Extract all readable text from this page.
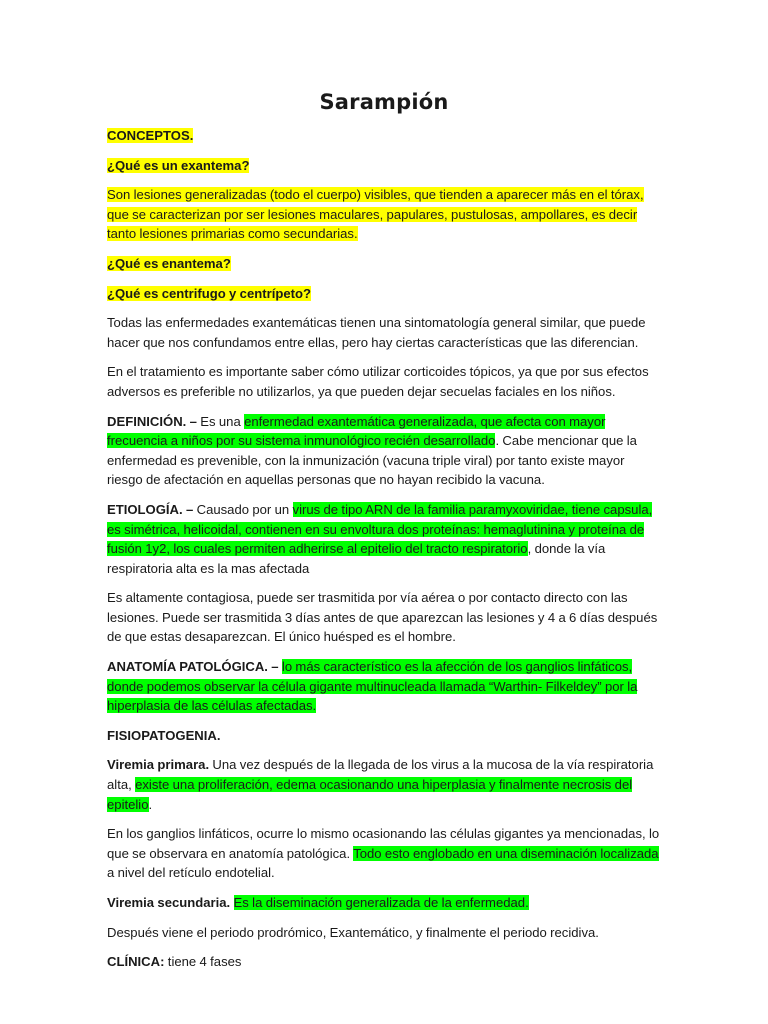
Sarampión

CONCEPTOS.

¿Qué es un exantema?

Son lesiones generalizadas (todo el cuerpo) visibles, que tienden a aparecer más en el tórax, que se caracterizan por ser lesiones maculares, papulares, pustulosas, ampollares, es decir tanto lesiones primarias como secundarias.

¿Qué es enantema?

¿Qué es centrifugo y centrípeto?

Todas las enfermedades exantemáticas tienen una sintomatología general similar, que puede hacer que nos confundamos entre ellas, pero hay ciertas características que las diferencian.

En el tratamiento es importante saber cómo utilizar corticoides tópicos, ya que por sus efectos adversos es preferible no utilizarlos, ya que pueden dejar secuelas faciales en los niños.

DEFINICIÓN. – Es una enfermedad exantemática generalizada, que afecta con mayor frecuencia a niños por su sistema inmunológico recién desarrollado. Cabe mencionar que la enfermedad es prevenible, con la inmunización (vacuna triple viral) por tanto existe mayor riesgo de afectación en aquellas personas que no hayan recibido la vacuna.

ETIOLOGÍA. – Causado por un virus de tipo ARN de la familia paramyxoviridae, tiene capsula, es simétrica, helicoidal, contienen en su envoltura dos proteínas: hemaglutinina y proteína de fusión 1y2, los cuales permiten adherirse al epitelio del tracto respiratorio, donde la vía respiratoria alta es la mas afectada

Es altamente contagiosa, puede ser trasmitida por vía aérea o por contacto directo con las lesiones. Puede ser trasmitida 3 días antes de que aparezcan las lesiones y 4 a 6 días después de que estas desaparezcan. El único huésped es el hombre.

ANATOMÍA PATOLÓGICA. – lo más característico es la afección de los ganglios linfáticos, donde podemos observar la célula gigante multinucleada llamada “Warthin- Filkeldey” por la hiperplasia de las células afectadas.

FISIOPATOGENIA.

Viremia primara. Una vez después de la llegada de los virus a la mucosa de la vía respiratoria alta, existe una proliferación, edema ocasionando una hiperplasia y finalmente necrosis del epitelio.

En los ganglios linfáticos, ocurre lo mismo ocasionando las células gigantes ya mencionadas, lo que se observara en anatomía patológica. Todo esto englobado en una diseminación localizada a nivel del retículo endotelial.

Viremia secundaria. Es la diseminación generalizada de la enfermedad.

Después viene el periodo prodrómico, Exantemático, y finalmente el periodo recidiva.

CLÍNICA: tiene 4 fases
